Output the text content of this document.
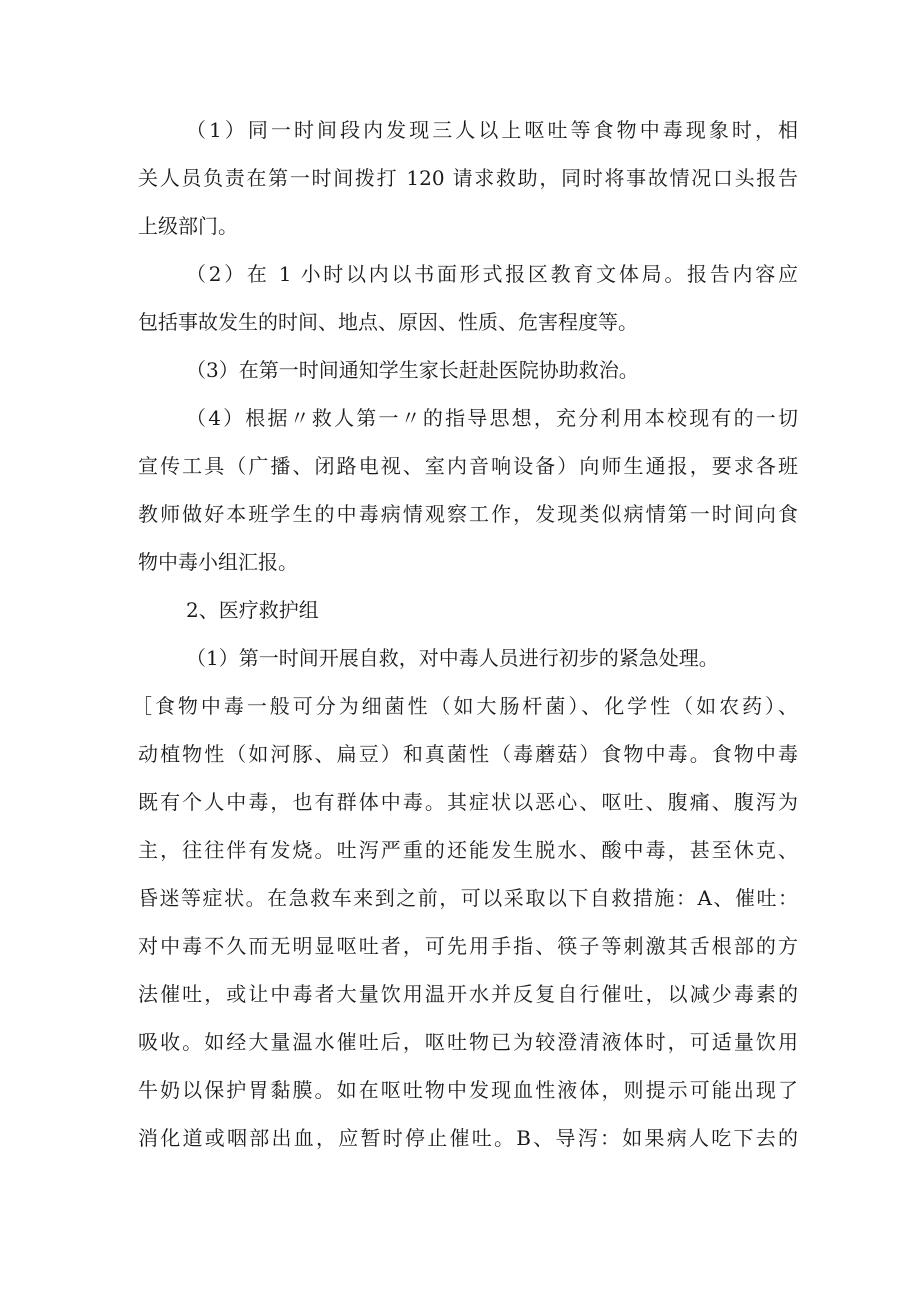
（1）同一时间段内发现三人以上呕吐等食物中毒现象时，相
关人员负责在第一时间拨打 120 请求救助，同时将事故情况口头报告
上级部门。
（2）在 1 小时以内以书面形式报区教育文体局。报告内容应
包括事故发生的时间、地点、原因、性质、危害程度等。
（3）在第一时间通知学生家长赶赴医院协助救治。
（4）根据〃救人第一〃的指导思想，充分利用本校现有的一切
宣传工具（广播、闭路电视、室内音响设备）向师生通报，要求各班
教师做好本班学生的中毒病情观察工作，发现类似病情第一时间向食
物中毒小组汇报。
2、医疗救护组
（1）第一时间开展自救，对中毒人员进行初步的紧急处理。
［食物中毒一般可分为细菌性（如大肠杆菌）、化学性（如农药）、
动植物性（如河豚、扁豆）和真菌性（毒蘑菇）食物中毒。食物中毒
既有个人中毒，也有群体中毒。其症状以恶心、呕吐、腹痛、腹泻为
主，往往伴有发烧。吐泻严重的还能发生脱水、酸中毒，甚至休克、
昏迷等症状。在急救车来到之前，可以采取以下自救措施：A、催吐：
对中毒不久而无明显呕吐者，可先用手指、筷子等刺激其舌根部的方
法催吐，或让中毒者大量饮用温开水并反复自行催吐，以减少毒素的
吸收。如经大量温水催吐后，呕吐物已为较澄清液体时，可适量饮用
牛奶以保护胃黏膜。如在呕吐物中发现血性液体，则提示可能出现了
消化道或咽部出血，应暂时停止催吐。B、导泻：如果病人吃下去的
